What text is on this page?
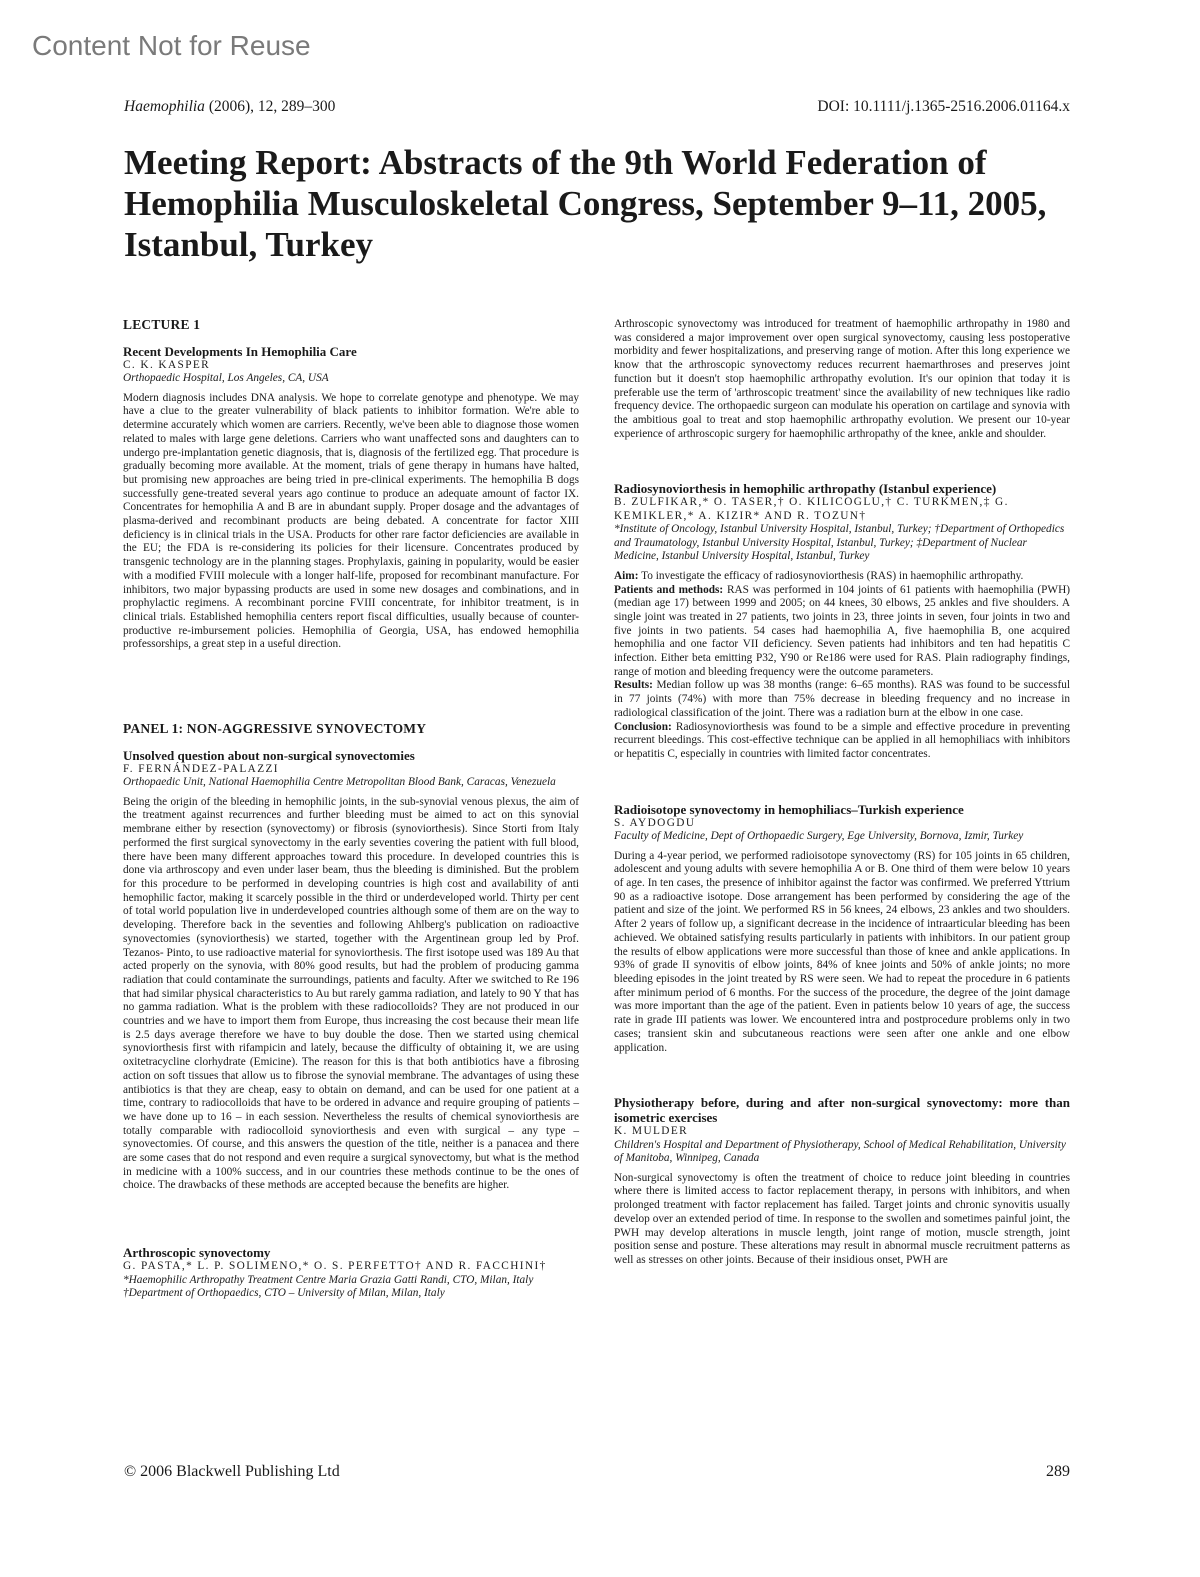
Content Not for Reuse
Haemophilia (2006), 12, 289–300	DOI: 10.1111/j.1365-2516.2006.01164.x
Meeting Report: Abstracts of the 9th World Federation of Hemophilia Musculoskeletal Congress, September 9–11, 2005, Istanbul, Turkey
LECTURE 1
Recent Developments In Hemophilia Care
C. K. KASPER
Orthopaedic Hospital, Los Angeles, CA, USA
Modern diagnosis includes DNA analysis. We hope to correlate genotype and phenotype. We may have a clue to the greater vulnerability of black patients to inhibitor formation. We're able to determine accurately which women are carriers. Recently, we've been able to diagnose those women related to males with large gene deletions. Carriers who want unaffected sons and daughters can to undergo pre-implantation genetic diagnosis, that is, diagnosis of the fertilized egg. That procedure is gradually becoming more available. At the moment, trials of gene therapy in humans have halted, but promising new approaches are being tried in pre-clinical experiments. The hemophilia B dogs successfully gene-treated several years ago continue to produce an adequate amount of factor IX. Concentrates for hemophilia A and B are in abundant supply. Proper dosage and the advantages of plasma-derived and recombinant products are being debated. A concentrate for factor XIII deficiency is in clinical trials in the USA. Products for other rare factor deficiencies are available in the EU; the FDA is re-considering its policies for their licensure. Concentrates produced by transgenic technology are in the planning stages. Prophylaxis, gaining in popularity, would be easier with a modified FVIII molecule with a longer half-life, proposed for recombinant manufacture. For inhibitors, two major bypassing products are used in some new dosages and combinations, and in prophylactic regimens. A recombinant porcine FVIII concentrate, for inhibitor treatment, is in clinical trials. Established hemophilia centers report fiscal difficulties, usually because of counter-productive re-imbursement policies. Hemophilia of Georgia, USA, has endowed hemophilia professorships, a great step in a useful direction.
PANEL 1: NON-AGGRESSIVE SYNOVECTOMY
Unsolved question about non-surgical synovectomies
F. FERNÁNDEZ-PALAZZI
Orthopaedic Unit, National Haemophilia Centre Metropolitan Blood Bank, Caracas, Venezuela
Being the origin of the bleeding in hemophilic joints, in the sub-synovial venous plexus, the aim of the treatment against recurrences and further bleeding must be aimed to act on this synovial membrane either by resection (synovectomy) or fibrosis (synoviorthesis). Since Storti from Italy performed the first surgical synovectomy in the early seventies covering the patient with full blood, there have been many different approaches toward this procedure. In developed countries this is done via arthroscopy and even under laser beam, thus the bleeding is diminished. But the problem for this procedure to be performed in developing countries is high cost and availability of anti hemophilic factor, making it scarcely possible in the third or underdeveloped world. Thirty per cent of total world population live in underdeveloped countries although some of them are on the way to developing. Therefore back in the seventies and following Ahlberg's publication on radioactive synovectomies (synoviorthesis) we started, together with the Argentinean group led by Prof. Tezanos- Pinto, to use radioactive material for synoviorthesis. The first isotope used was 189 Au that acted properly on the synovia, with 80% good results, but had the problem of producing gamma radiation that could contaminate the surroundings, patients and faculty. After we switched to Re 196 that had similar physical characteristics to Au but rarely gamma radiation, and lately to 90 Y that has no gamma radiation. What is the problem with these radiocolloids? They are not produced in our countries and we have to import them from Europe, thus increasing the cost because their mean life is 2.5 days average therefore we have to buy double the dose. Then we started using chemical synoviorthesis first with rifampicin and lately, because the difficulty of obtaining it, we are using oxitetracycline clorhydrate (Emicine). The reason for this is that both antibiotics have a fibrosing action on soft tissues that allow us to fibrose the synovial membrane. The advantages of using these antibiotics is that they are cheap, easy to obtain on demand, and can be used for one patient at a time, contrary to radiocolloids that have to be ordered in advance and require grouping of patients – we have done up to 16 – in each session. Nevertheless the results of chemical synoviorthesis are totally comparable with radiocolloid synoviorthesis and even with surgical – any type – synovectomies. Of course, and this answers the question of the title, neither is a panacea and there are some cases that do not respond and even require a surgical synovectomy, but what is the method in medicine with a 100% success, and in our countries these methods continue to be the ones of choice. The drawbacks of these methods are accepted because the benefits are higher.
Arthroscopic synovectomy
G. PASTA,* L. P. SOLIMENO,* O. S. PERFETTO† AND R. FACCHINI†
*Haemophilic Arthropathy Treatment Centre Maria Grazia Gatti Randi, CTO, Milan, Italy †Department of Orthopaedics, CTO – University of Milan, Milan, Italy
Arthroscopic synovectomy was introduced for treatment of haemophilic arthropathy in 1980 and was considered a major improvement over open surgical synovectomy, causing less postoperative morbidity and fewer hospitalizations, and preserving range of motion. After this long experience we know that the arthroscopic synovectomy reduces recurrent haemarthroses and preserves joint function but it doesn't stop haemophilic arthropathy evolution. It's our opinion that today it is preferable use the term of 'arthroscopic treatment' since the availability of new techniques like radio frequency device. The orthopaedic surgeon can modulate his operation on cartilage and synovia with the ambitious goal to treat and stop haemophilic arthropathy evolution. We present our 10-year experience of arthroscopic surgery for haemophilic arthropathy of the knee, ankle and shoulder.
Radiosynoviorthesis in hemophilic arthropathy (Istanbul experience)
B. ZULFIKAR,* O. TASER,† O. KILICOGLU,† C. TURKMEN,‡ G. KEMIKLER,* A. KIZIR* AND R. TOZUN†
*Institute of Oncology, Istanbul University Hospital, Istanbul, Turkey; †Department of Orthopedics and Traumatology, Istanbul University Hospital, Istanbul, Turkey; ‡Department of Nuclear Medicine, Istanbul University Hospital, Istanbul, Turkey
Aim: To investigate the efficacy of radiosynoviorthesis (RAS) in haemophilic arthropathy.
Patients and methods: RAS was performed in 104 joints of 61 patients with haemophilia (PWH) (median age 17) between 1999 and 2005; on 44 knees, 30 elbows, 25 ankles and five shoulders. A single joint was treated in 27 patients, two joints in 23, three joints in seven, four joints in two and five joints in two patients. 54 cases had haemophilia A, five haemophilia B, one acquired hemophilia and one factor VII deficiency. Seven patients had inhibitors and ten had hepatitis C infection. Either beta emitting P32, Y90 or Re186 were used for RAS. Plain radiography findings, range of motion and bleeding frequency were the outcome parameters.
Results: Median follow up was 38 months (range: 6–65 months). RAS was found to be successful in 77 joints (74%) with more than 75% decrease in bleeding frequency and no increase in radiological classification of the joint. There was a radiation burn at the elbow in one case.
Conclusion: Radiosynoviorthesis was found to be a simple and effective procedure in preventing recurrent bleedings. This cost-effective technique can be applied in all hemophiliacs with inhibitors or hepatitis C, especially in countries with limited factor concentrates.
Radioisotope synovectomy in hemophiliacs–Turkish experience
S. AYDOGDU
Faculty of Medicine, Dept of Orthopaedic Surgery, Ege University, Bornova, Izmir, Turkey
During a 4-year period, we performed radioisotope synovectomy (RS) for 105 joints in 65 children, adolescent and young adults with severe hemophilia A or B. One third of them were below 10 years of age. In ten cases, the presence of inhibitor against the factor was confirmed. We preferred Yttrium 90 as a radioactive isotope. Dose arrangement has been performed by considering the age of the patient and size of the joint. We performed RS in 56 knees, 24 elbows, 23 ankles and two shoulders. After 2 years of follow up, a significant decrease in the incidence of intraarticular bleeding has been achieved. We obtained satisfying results particularly in patients with inhibitors. In our patient group the results of elbow applications were more successful than those of knee and ankle applications. In 93% of grade II synovitis of elbow joints, 84% of knee joints and 50% of ankle joints; no more bleeding episodes in the joint treated by RS were seen. We had to repeat the procedure in 6 patients after minimum period of 6 months. For the success of the procedure, the degree of the joint damage was more important than the age of the patient. Even in patients below 10 years of age, the success rate in grade III patients was lower. We encountered intra and postprocedure problems only in two cases; transient skin and subcutaneous reactions were seen after one ankle and one elbow application.
Physiotherapy before, during and after non-surgical synovectomy: more than isometric exercises
K. MULDER
Children's Hospital and Department of Physiotherapy, School of Medical Rehabilitation, University of Manitoba, Winnipeg, Canada
Non-surgical synovectomy is often the treatment of choice to reduce joint bleeding in countries where there is limited access to factor replacement therapy, in persons with inhibitors, and when prolonged treatment with factor replacement has failed. Target joints and chronic synovitis usually develop over an extended period of time. In response to the swollen and sometimes painful joint, the PWH may develop alterations in muscle length, joint range of motion, muscle strength, joint position sense and posture. These alterations may result in abnormal muscle recruitment patterns as well as stresses on other joints. Because of their insidious onset, PWH are
© 2006 Blackwell Publishing Ltd	289
